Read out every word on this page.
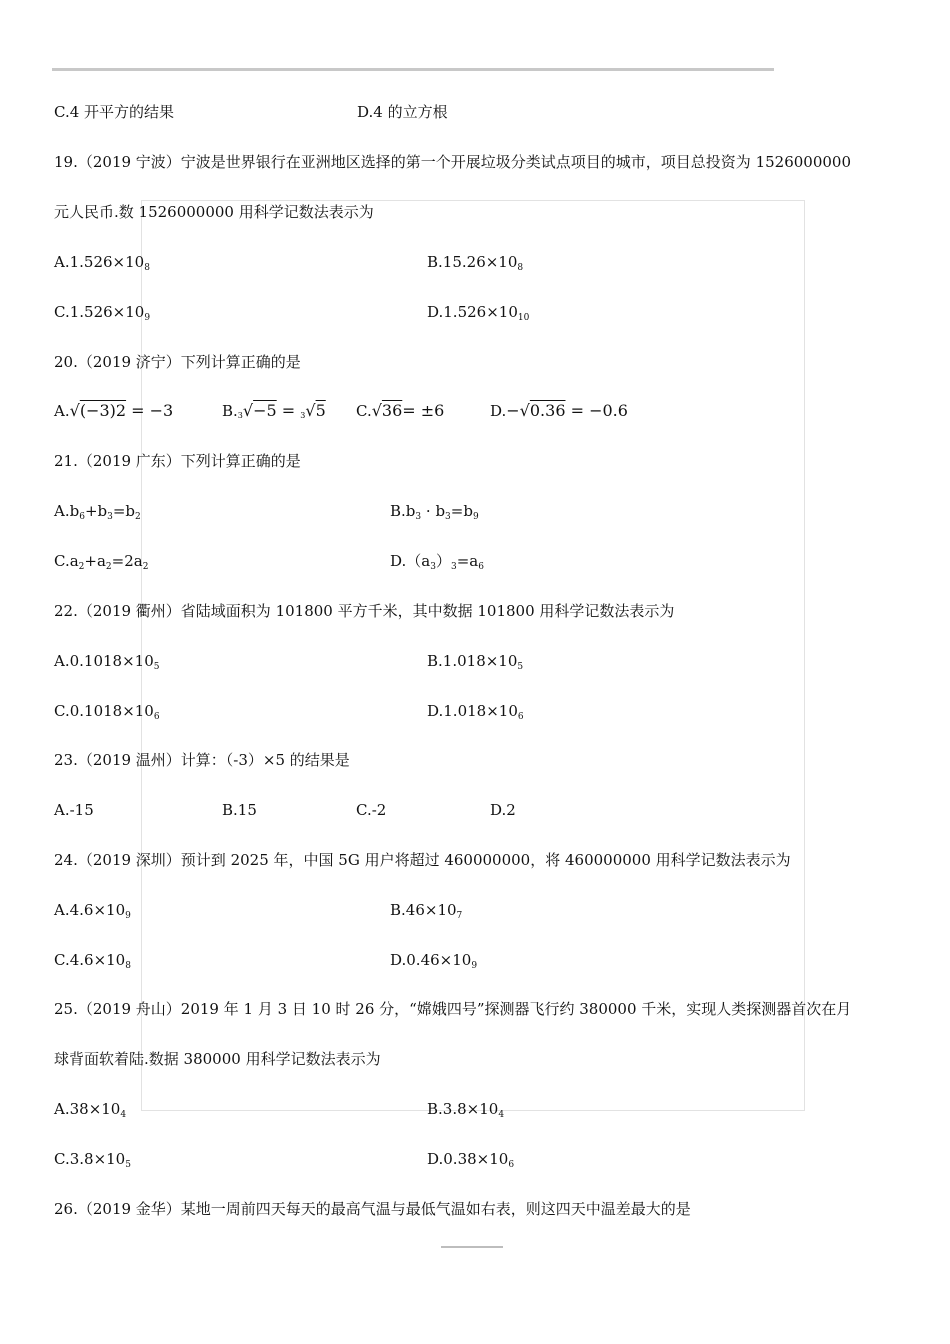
C.4 开平方的结果	D.4 的立方根
19.（2019 宁波）宁波是世界银行在亚洲地区选择的第一个开展垃圾分类试点项目的城市，项目总投资为 1526000000
元人民币.数 1526000000 用科学记数法表示为
$A.1.526\times 10_8$	$B.15.26\times 10_8$
$C.1.526\times 10_9$	$D.1.526\times 10_{10}$
20.（2019 济宁）下列计算正确的是
A.√(−3)2 = −3	B.3√−5 = 3√5 C.√36= ±6	D.−√0.36 = −0.6
21.（2019 广东）下列计算正确的是
$A.b_6+b_3=b_2$	$B.b_3 \cdot b_3=b_9$
$C.a_2+a_2=2a_2$	$D.(a_3)_3=a_6$
22.（2019 衢州）省陆域面积为 101800 平方千米，其中数据 101800 用科学记数法表示为
$A.0.1018\times 10_5$	$B.1.018\times 10_5$
$C.0.1018\times 10_6$	$D.1.018\times 10_6$
23.（2019 温州）计算：（-3）×5 的结果是
A.-15	B.15	C.-2	D.2
24.（2019 深圳）预计到 2025 年，中国 5G 用户将超过 460000000，将 460000000 用科学记数法表示为
$A.4.6\times 10_9$	$B.46\times 10_7$
$C.4.6\times 10_8$	$D.0.46\times 10_9$
25.（2019 舟山）2019 年 1 月 3 日 10 时 26 分，“嫦娥四号”探测器飞行约 380000 千米，实现人类探测器首次在月
球背面软着陆.数据 380000 用科学记数法表示为
$A.38\times 10_4$	$B.3.8\times 10_4$
$C.3.8\times 10_5$	$D.0.38\times 10_6$
26.（2019 金华）某地一周前四天每天的最高气温与最低气温如右表，则这四天中温差最大的是
